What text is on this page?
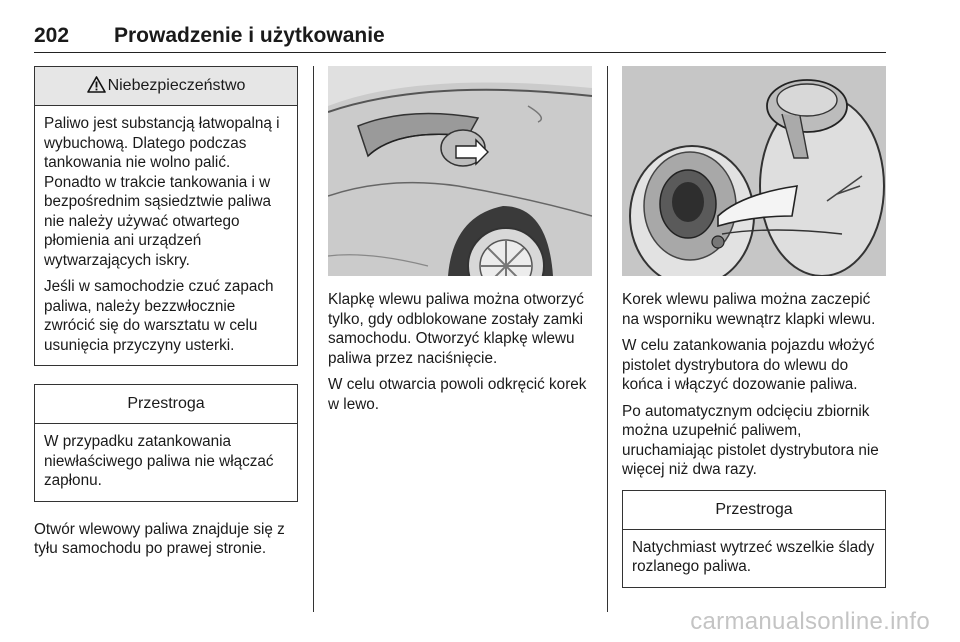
202 Prowadzenie i użytkowanie
Niebezpieczeństwo

Paliwo jest substancją łatwopalną i wybuchową. Dlatego podczas tankowania nie wolno palić. Ponadto w trakcie tankowania i w bezpośrednim sąsiedztwie paliwa nie należy używać otwartego płomienia ani urządzeń wytwarzających iskry.

Jeśli w samochodzie czuć zapach paliwa, należy bezzwłocznie zwrócić się do warsztatu w celu usunięcia przyczyny usterki.

Przestroga

W przypadku zatankowania niewłaściwego paliwa nie włączać zapłonu.

Otwór wlewowy paliwa znajduje się z tyłu samochodu po prawej stronie.

Klapkę wlewu paliwa można otworzyć tylko, gdy odblokowane zostały zamki samochodu. Otworzyć klapkę wlewu paliwa przez naciśnięcie.

W celu otwarcia powoli odkręcić korek w lewo.

Korek wlewu paliwa można zaczepić na wsporniku wewnątrz klapki wlewu.

W celu zatankowania pojazdu włożyć pistolet dystrybutora do wlewu do końca i włączyć dozowanie paliwa.

Po automatycznym odcięciu zbiornik można uzupełnić paliwem, uruchamiając pistolet dystrybutora nie więcej niż dwa razy.

Przestroga

Natychmiast wytrzeć wszelkie ślady rozlanego paliwa.

carmanualsonline.info
